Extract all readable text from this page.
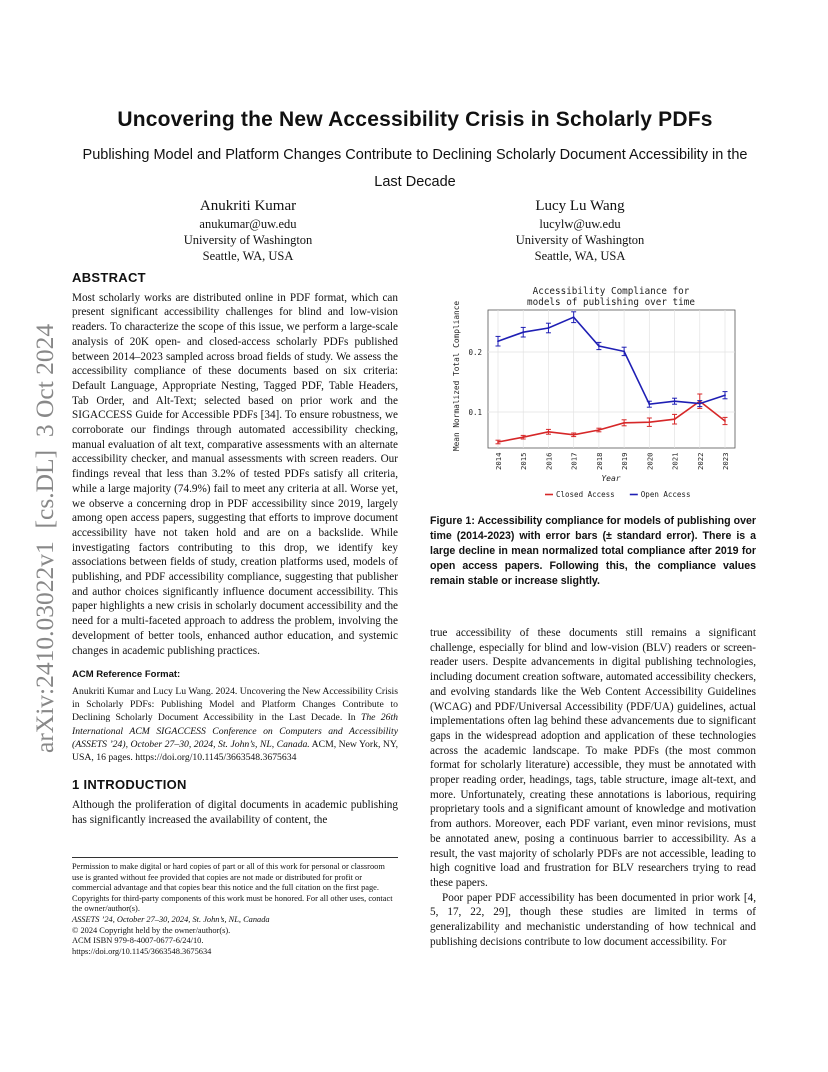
arXiv:2410.03022v1  [cs.DL]  3 Oct 2024
Uncovering the New Accessibility Crisis in Scholarly PDFs
Publishing Model and Platform Changes Contribute to Declining Scholarly Document Accessibility in the Last Decade
Anukriti Kumar
anukumar@uw.edu
University of Washington
Seattle, WA, USA
Lucy Lu Wang
lucylw@uw.edu
University of Washington
Seattle, WA, USA
ABSTRACT

Most scholarly works are distributed online in PDF format, which can present significant accessibility challenges for blind and low-vision readers. To characterize the scope of this issue, we perform a large-scale analysis of 20K open- and closed-access scholarly PDFs published between 2014–2023 sampled across broad fields of study. We assess the accessibility compliance of these documents based on six criteria: Default Language, Appropriate Nesting, Tagged PDF, Table Headers, Tab Order, and Alt-Text; selected based on prior work and the SIGACCESS Guide for Accessible PDFs [34]. To ensure robustness, we corroborate our findings through automated accessibility checking, manual evaluation of alt text, comparative assessments with an alternate accessibility checker, and manual assessments with screen readers. Our findings reveal that less than 3.2% of tested PDFs satisfy all criteria, while a large majority (74.9%) fail to meet any criteria at all. Worse yet, we observe a concerning drop in PDF accessibility since 2019, largely among open access papers, suggesting that efforts to improve document accessibility have not taken hold and are on a backslide. While investigating factors contributing to this drop, we identify key associations between fields of study, creation platforms used, models of publishing, and PDF accessibility compliance, suggesting that publisher and author choices significantly influence document accessibility. This paper highlights a new crisis in scholarly document accessibility and the need for a multi-faceted approach to address the problem, involving the development of better tools, enhanced author education, and systemic changes in academic publishing practices.

ACM Reference Format:

Anukriti Kumar and Lucy Lu Wang. 2024. Uncovering the New Accessibility Crisis in Scholarly PDFs: Publishing Model and Platform Changes Contribute to Declining Scholarly Document Accessibility in the Last Decade. In The 26th International ACM SIGACCESS Conference on Computers and Accessibility (ASSETS ’24), October 27–30, 2024, St. John’s, NL, Canada. ACM, New York, NY, USA, 16 pages. https://doi.org/10.1145/3663548.3675634

1 INTRODUCTION

Although the proliferation of digital documents in academic publishing has significantly increased the availability of content, the

Permission to make digital or hard copies of part or all of this work for personal or classroom use is granted without fee provided that copies are not made or distributed for profit or commercial advantage and that copies bear this notice and the full citation on the first page. Copyrights for third-party components of this work must be honored. For all other uses, contact the owner/author(s).
ASSETS ’24, October 27–30, 2024, St. John’s, NL, Canada
© 2024 Copyright held by the owner/author(s).
ACM ISBN 979-8-4007-0677-6/24/10.
https://doi.org/10.1145/3663548.3675634
Accessibility Compliance for
models of publishing over time
Mean Normalized Total Compliance
Year
0.1
0.2
2014 2015 2016 2017 2018 2019 2020 2021 2022 2023
Closed Access	Open Access
Figure 1: Accessibility compliance for models of publishing over time (2014-2023) with error bars (± standard error). There is a large decline in mean normalized total compliance after 2019 for open access papers. Following this, the compliance values remain stable or increase slightly.

true accessibility of these documents still remains a significant challenge, especially for blind and low-vision (BLV) readers or screen-reader users. Despite advancements in digital publishing technologies, including document creation software, automated accessibility checkers, and evolving standards like the Web Content Accessibility Guidelines (WCAG) and PDF/Universal Accessibility (PDF/UA) guidelines, actual implementations often lag behind these advancements due to significant gaps in the widespread adoption and application of these technologies across the academic landscape. To make PDFs (the most common format for scholarly literature) accessible, they must be annotated with proper reading order, headings, tags, table structure, image alt-text, and more. Unfortunately, creating these annotations is laborious, requiring proprietary tools and a significant amount of knowledge and motivation from authors. Moreover, each PDF variant, even minor revisions, must be annotated anew, posing a continuous barrier to accessibility. As a result, the vast majority of scholarly PDFs are not accessible, leading to high cognitive load and frustration for BLV researchers trying to read these papers.

Poor paper PDF accessibility has been documented in prior work [4, 5, 17, 22, 29], though these studies are limited in terms of generalizability and mechanistic understanding of how technical and publishing decisions contribute to low document accessibility. For
